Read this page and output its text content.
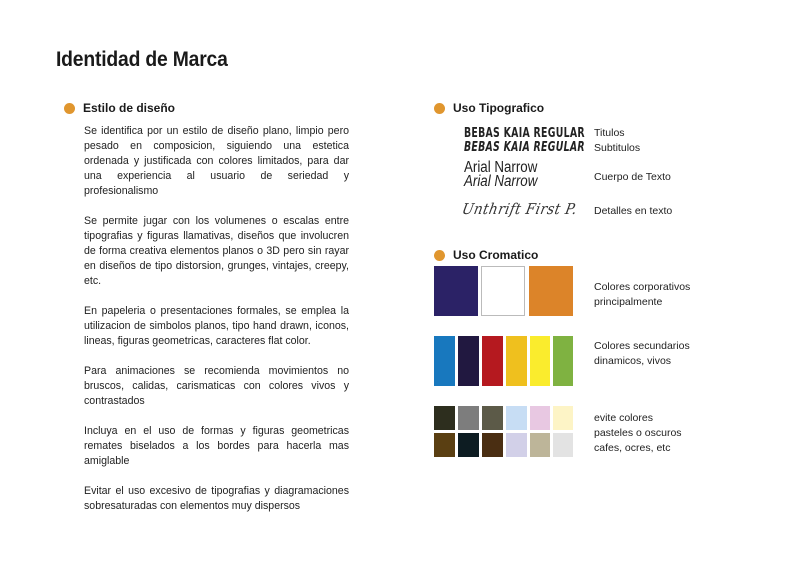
Identidad de Marca
Estilo de diseño

Se identifica por un estilo de diseño plano, limpio pero pesado en composicion, siguiendo una estetica ordenada y justificada con colores limitados, para dar una experiencia al usuario de seriedad y profesionalismo

Se permite jugar con los volumenes o escalas entre tipografias y figuras llamativas, diseños que involucren de forma creativa elementos planos o 3D pero sin rayar en diseños de tipo distorsion, grunges, vintajes, creepy, etc.

En papeleria o presentaciones formales, se emplea la utilizacion de simbolos planos, tipo hand drawn, iconos, lineas, figuras geometricas, caracteres flat color.

Para animaciones se recomienda movimientos no bruscos, calidas, carismaticas con colores vivos y contrastados

Incluya en el uso de formas y figuras geometricas remates biselados a los bordes para hacerla mas amiglable

Evitar el uso excesivo de tipografias y diagramaciones sobresaturadas con elementos muy dispersos

Uso Tipografico
BEBAS KAIA REGULAR
BEBAS KAIA REGULAR
Titulos
Subtitulos
Arial Narrow
Arial Narrow	Cuerpo de Texto
Unthrift First P. Detalles en texto
Uso Cromatico
Colores corporativos
principalmente
Colores secundarios
dinamicos, vivos
evite colores
pasteles o oscuros
cafes, ocres, etc
